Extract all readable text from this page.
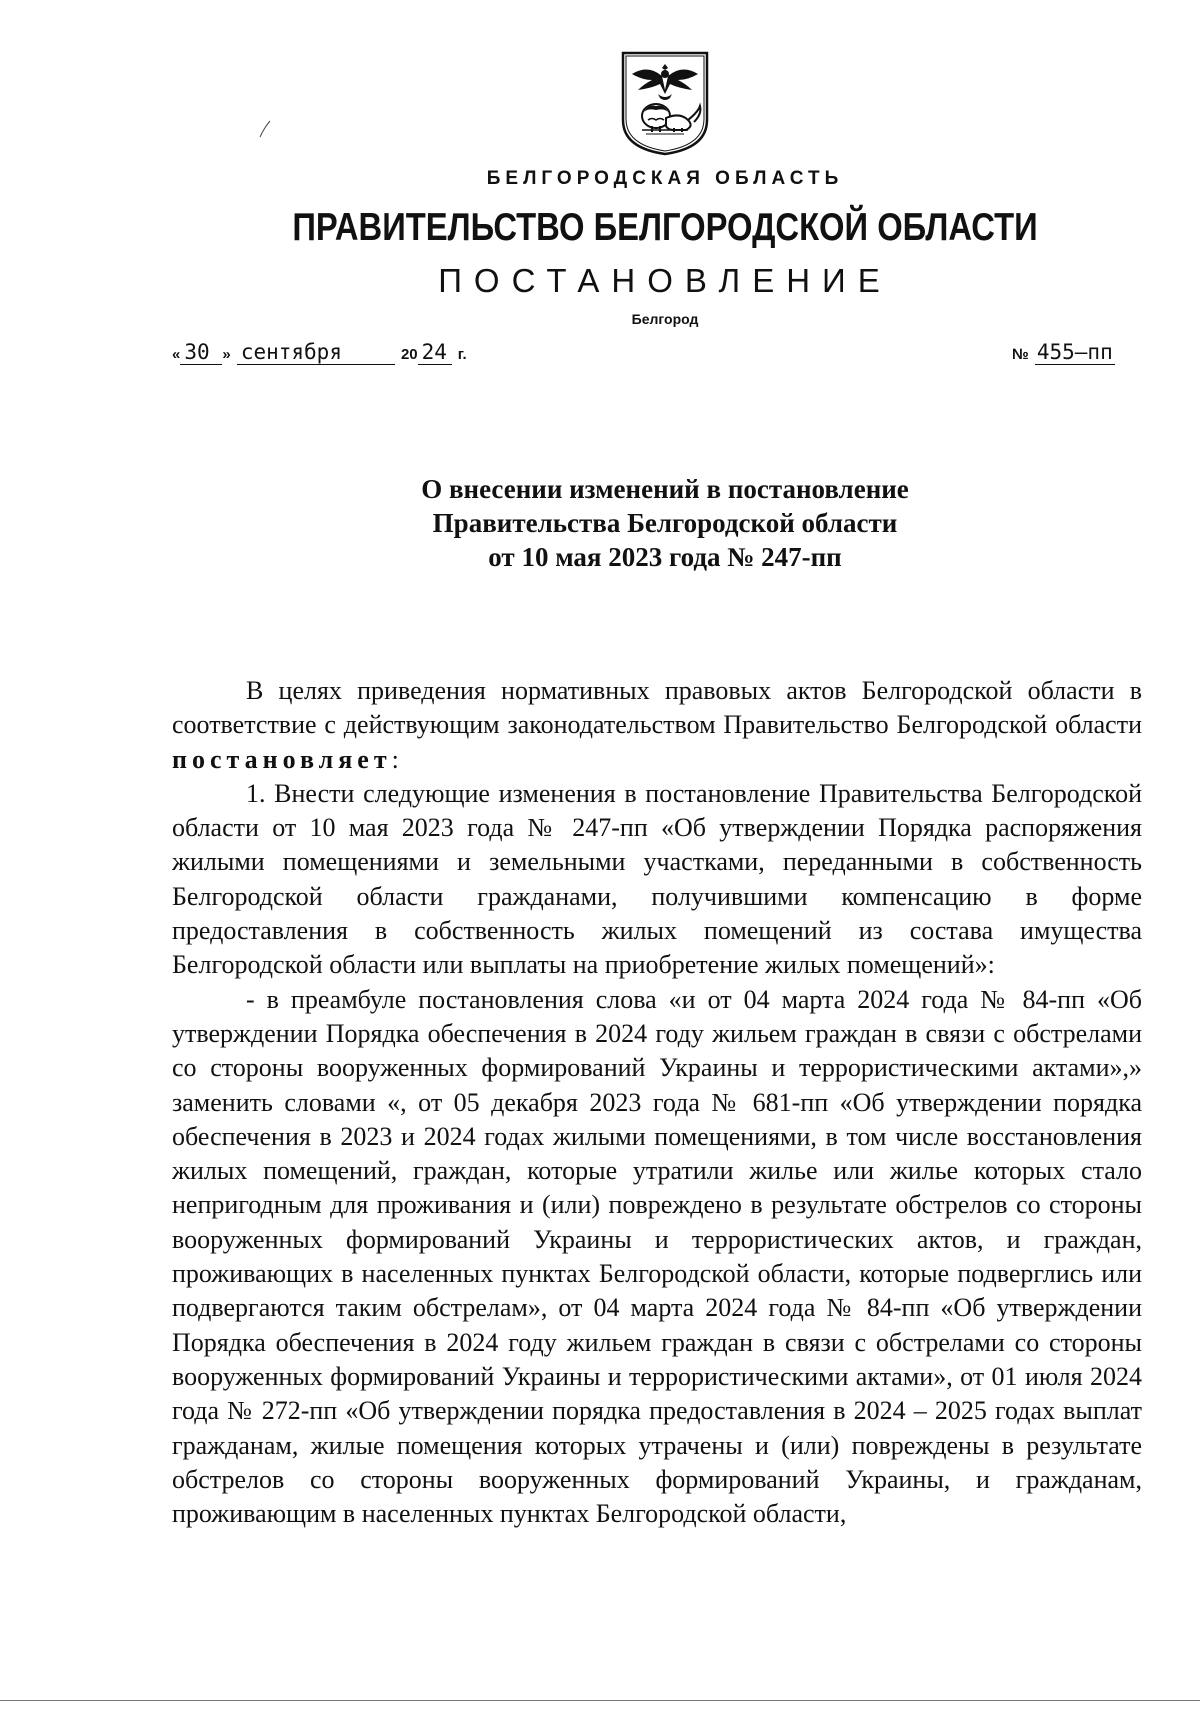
БЕЛГОРОДСКАЯ ОБЛАСТЬ
ПРАВИТЕЛЬСТВО БЕЛГОРОДСКОЙ ОБЛАСТИ
ПОСТАНОВЛЕНИЕ
Белгород
« 30 » сентября	20 24 г.	№ 455–пп
О внесении изменений в постановление
Правительства Белгородской области
от 10 мая 2023 года № 247-пп

В целях приведения нормативных правовых актов Белгородской области в соответствие с действующим законодательством Правительство Белгородской области постановляет:

1. Внести следующие изменения в постановление Правительства Белгородской области от 10 мая 2023 года № 247-пп «Об утверждении Порядка распоряжения жилыми помещениями и земельными участками, переданными в собственность Белгородской области гражданами, получившими компенсацию в форме предоставления в собственность жилых помещений из состава имущества Белгородской области или выплаты на приобретение жилых помещений»:

- в преамбуле постановления слова «и от 04 марта 2024 года № 84-пп «Об утверждении Порядка обеспечения в 2024 году жильем граждан в связи с обстрелами со стороны вооруженных формирований Украины и террористическими актами»,» заменить словами «, от 05 декабря 2023 года № 681-пп «Об утверждении порядка обеспечения в 2023 и 2024 годах жилыми помещениями, в том числе восстановления жилых помещений, граждан, которые утратили жилье или жилье которых стало непригодным для проживания и (или) повреждено в результате обстрелов со стороны вооруженных формирований Украины и террористических актов, и граждан, проживающих в населенных пунктах Белгородской области, которые подверглись или подвергаются таким обстрелам», от 04 марта 2024 года № 84-пп «Об утверждении Порядка обеспечения в 2024 году жильем граждан в связи с обстрелами со стороны вооруженных формирований Украины и террористическими актами», от 01 июля 2024 года № 272-пп «Об утверждении порядка предоставления в 2024 – 2025 годах выплат гражданам, жилые помещения которых утрачены и (или) повреждены в результате обстрелов со стороны вооруженных формирований Украины, и гражданам, проживающим в населенных пунктах Белгородской области,
